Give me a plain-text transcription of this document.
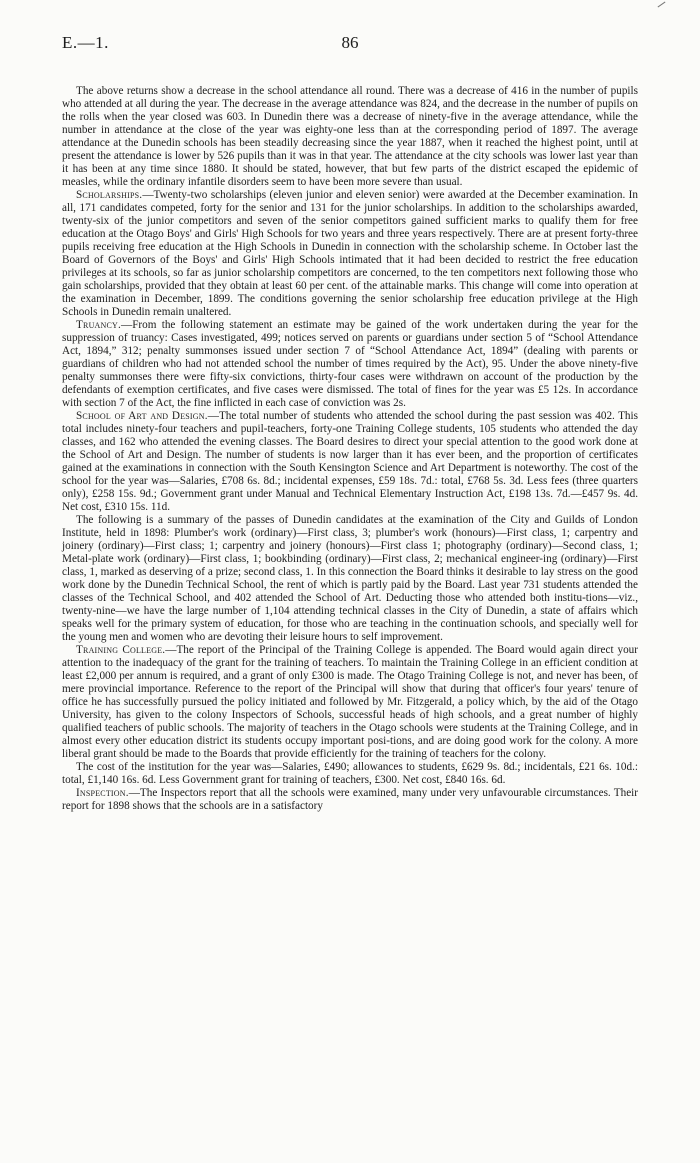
E.—1.	86

The above returns show a decrease in the school attendance all round. There was a decrease of 416 in the number of pupils who attended at all during the year. The decrease in the average attendance was 824, and the decrease in the number of pupils on the rolls when the year closed was 603. In Dunedin there was a decrease of ninety-five in the average attendance, while the number in attendance at the close of the year was eighty-one less than at the corresponding period of 1897. The average attendance at the Dunedin schools has been steadily decreasing since the year 1887, when it reached the highest point, until at present the attendance is lower by 526 pupils than it was in that year. The attendance at the city schools was lower last year than it has been at any time since 1880. It should be stated, however, that but few parts of the district escaped the epidemic of measles, while the ordinary infantile disorders seem to have been more severe than usual.

Scholarships.—Twenty-two scholarships (eleven junior and eleven senior) were awarded at the December examination. In all, 171 candidates competed, forty for the senior and 131 for the junior scholarships. In addition to the scholarships awarded, twenty-six of the junior competitors and seven of the senior competitors gained sufficient marks to qualify them for free education at the Otago Boys' and Girls' High Schools for two years and three years respectively. There are at present forty-three pupils receiving free education at the High Schools in Dunedin in connection with the scholarship scheme. In October last the Board of Governors of the Boys' and Girls' High Schools intimated that it had been decided to restrict the free education privileges at its schools, so far as junior scholarship competitors are concerned, to the ten competitors next following those who gain scholarships, provided that they obtain at least 60 per cent. of the attainable marks. This change will come into operation at the examination in December, 1899. The conditions governing the senior scholarship free education privilege at the High Schools in Dunedin remain unaltered.

Truancy.—From the following statement an estimate may be gained of the work undertaken during the year for the suppression of truancy: Cases investigated, 499; notices served on parents or guardians under section 5 of “School Attendance Act, 1894,” 312; penalty summonses issued under section 7 of “School Attendance Act, 1894” (dealing with parents or guardians of children who had not attended school the number of times required by the Act), 95. Under the above ninety-five penalty summonses there were fifty-six convictions, thirty-four cases were withdrawn on account of the production by the defendants of exemption certificates, and five cases were dismissed. The total of fines for the year was £5 12s. In accordance with section 7 of the Act, the fine inflicted in each case of conviction was 2s.

School of Art and Design.—The total number of students who attended the school during the past session was 402. This total includes ninety-four teachers and pupil-teachers, forty-one Training College students, 105 students who attended the day classes, and 162 who attended the evening classes. The Board desires to direct your special attention to the good work done at the School of Art and Design. The number of students is now larger than it has ever been, and the proportion of certificates gained at the examinations in connection with the South Kensington Science and Art Department is noteworthy. The cost of the school for the year was—Salaries, £708 6s. 8d.; incidental expenses, £59 18s. 7d.: total, £768 5s. 3d. Less fees (three quarters only), £258 15s. 9d.; Government grant under Manual and Technical Elementary Instruction Act, £198 13s. 7d.—£457 9s. 4d. Net cost, £310 15s. 11d.

The following is a summary of the passes of Dunedin candidates at the examination of the City and Guilds of London Institute, held in 1898: Plumber's work (ordinary)—First class, 3; plumber's work (honours)—First class, 1; carpentry and joinery (ordinary)—First class; 1; carpentry and joinery (honours)—First class 1; photography (ordinary)—Second class, 1; Metal-plate work (ordinary)—First class, 1; bookbinding (ordinary)—First class, 2; mechanical engineer-ing (ordinary)—First class, 1, marked as deserving of a prize; second class, 1. In this connection the Board thinks it desirable to lay stress on the good work done by the Dunedin Technical School, the rent of which is partly paid by the Board. Last year 731 students attended the classes of the Technical School, and 402 attended the School of Art. Deducting those who attended both institu-tions—viz., twenty-nine—we have the large number of 1,104 attending technical classes in the City of Dunedin, a state of affairs which speaks well for the primary system of education, for those who are teaching in the continuation schools, and specially well for the young men and women who are devoting their leisure hours to self improvement.

Training College.—The report of the Principal of the Training College is appended. The Board would again direct your attention to the inadequacy of the grant for the training of teachers. To maintain the Training College in an efficient condition at least £2,000 per annum is required, and a grant of only £300 is made. The Otago Training College is not, and never has been, of mere provincial importance. Reference to the report of the Principal will show that during that officer's four years' tenure of office he has successfully pursued the policy initiated and followed by Mr. Fitzgerald, a policy which, by the aid of the Otago University, has given to the colony Inspectors of Schools, successful heads of high schools, and a great number of highly qualified teachers of public schools. The majority of teachers in the Otago schools were students at the Training College, and in almost every other education district its students occupy important posi-tions, and are doing good work for the colony. A more liberal grant should be made to the Boards that provide efficiently for the training of teachers for the colony.

The cost of the institution for the year was—Salaries, £490; allowances to students, £629 9s. 8d.; incidentals, £21 6s. 10d.: total, £1,140 16s. 6d. Less Government grant for training of teachers, £300. Net cost, £840 16s. 6d.

Inspection.—The Inspectors report that all the schools were examined, many under very unfavourable circumstances. Their report for 1898 shows that the schools are in a satisfactory
